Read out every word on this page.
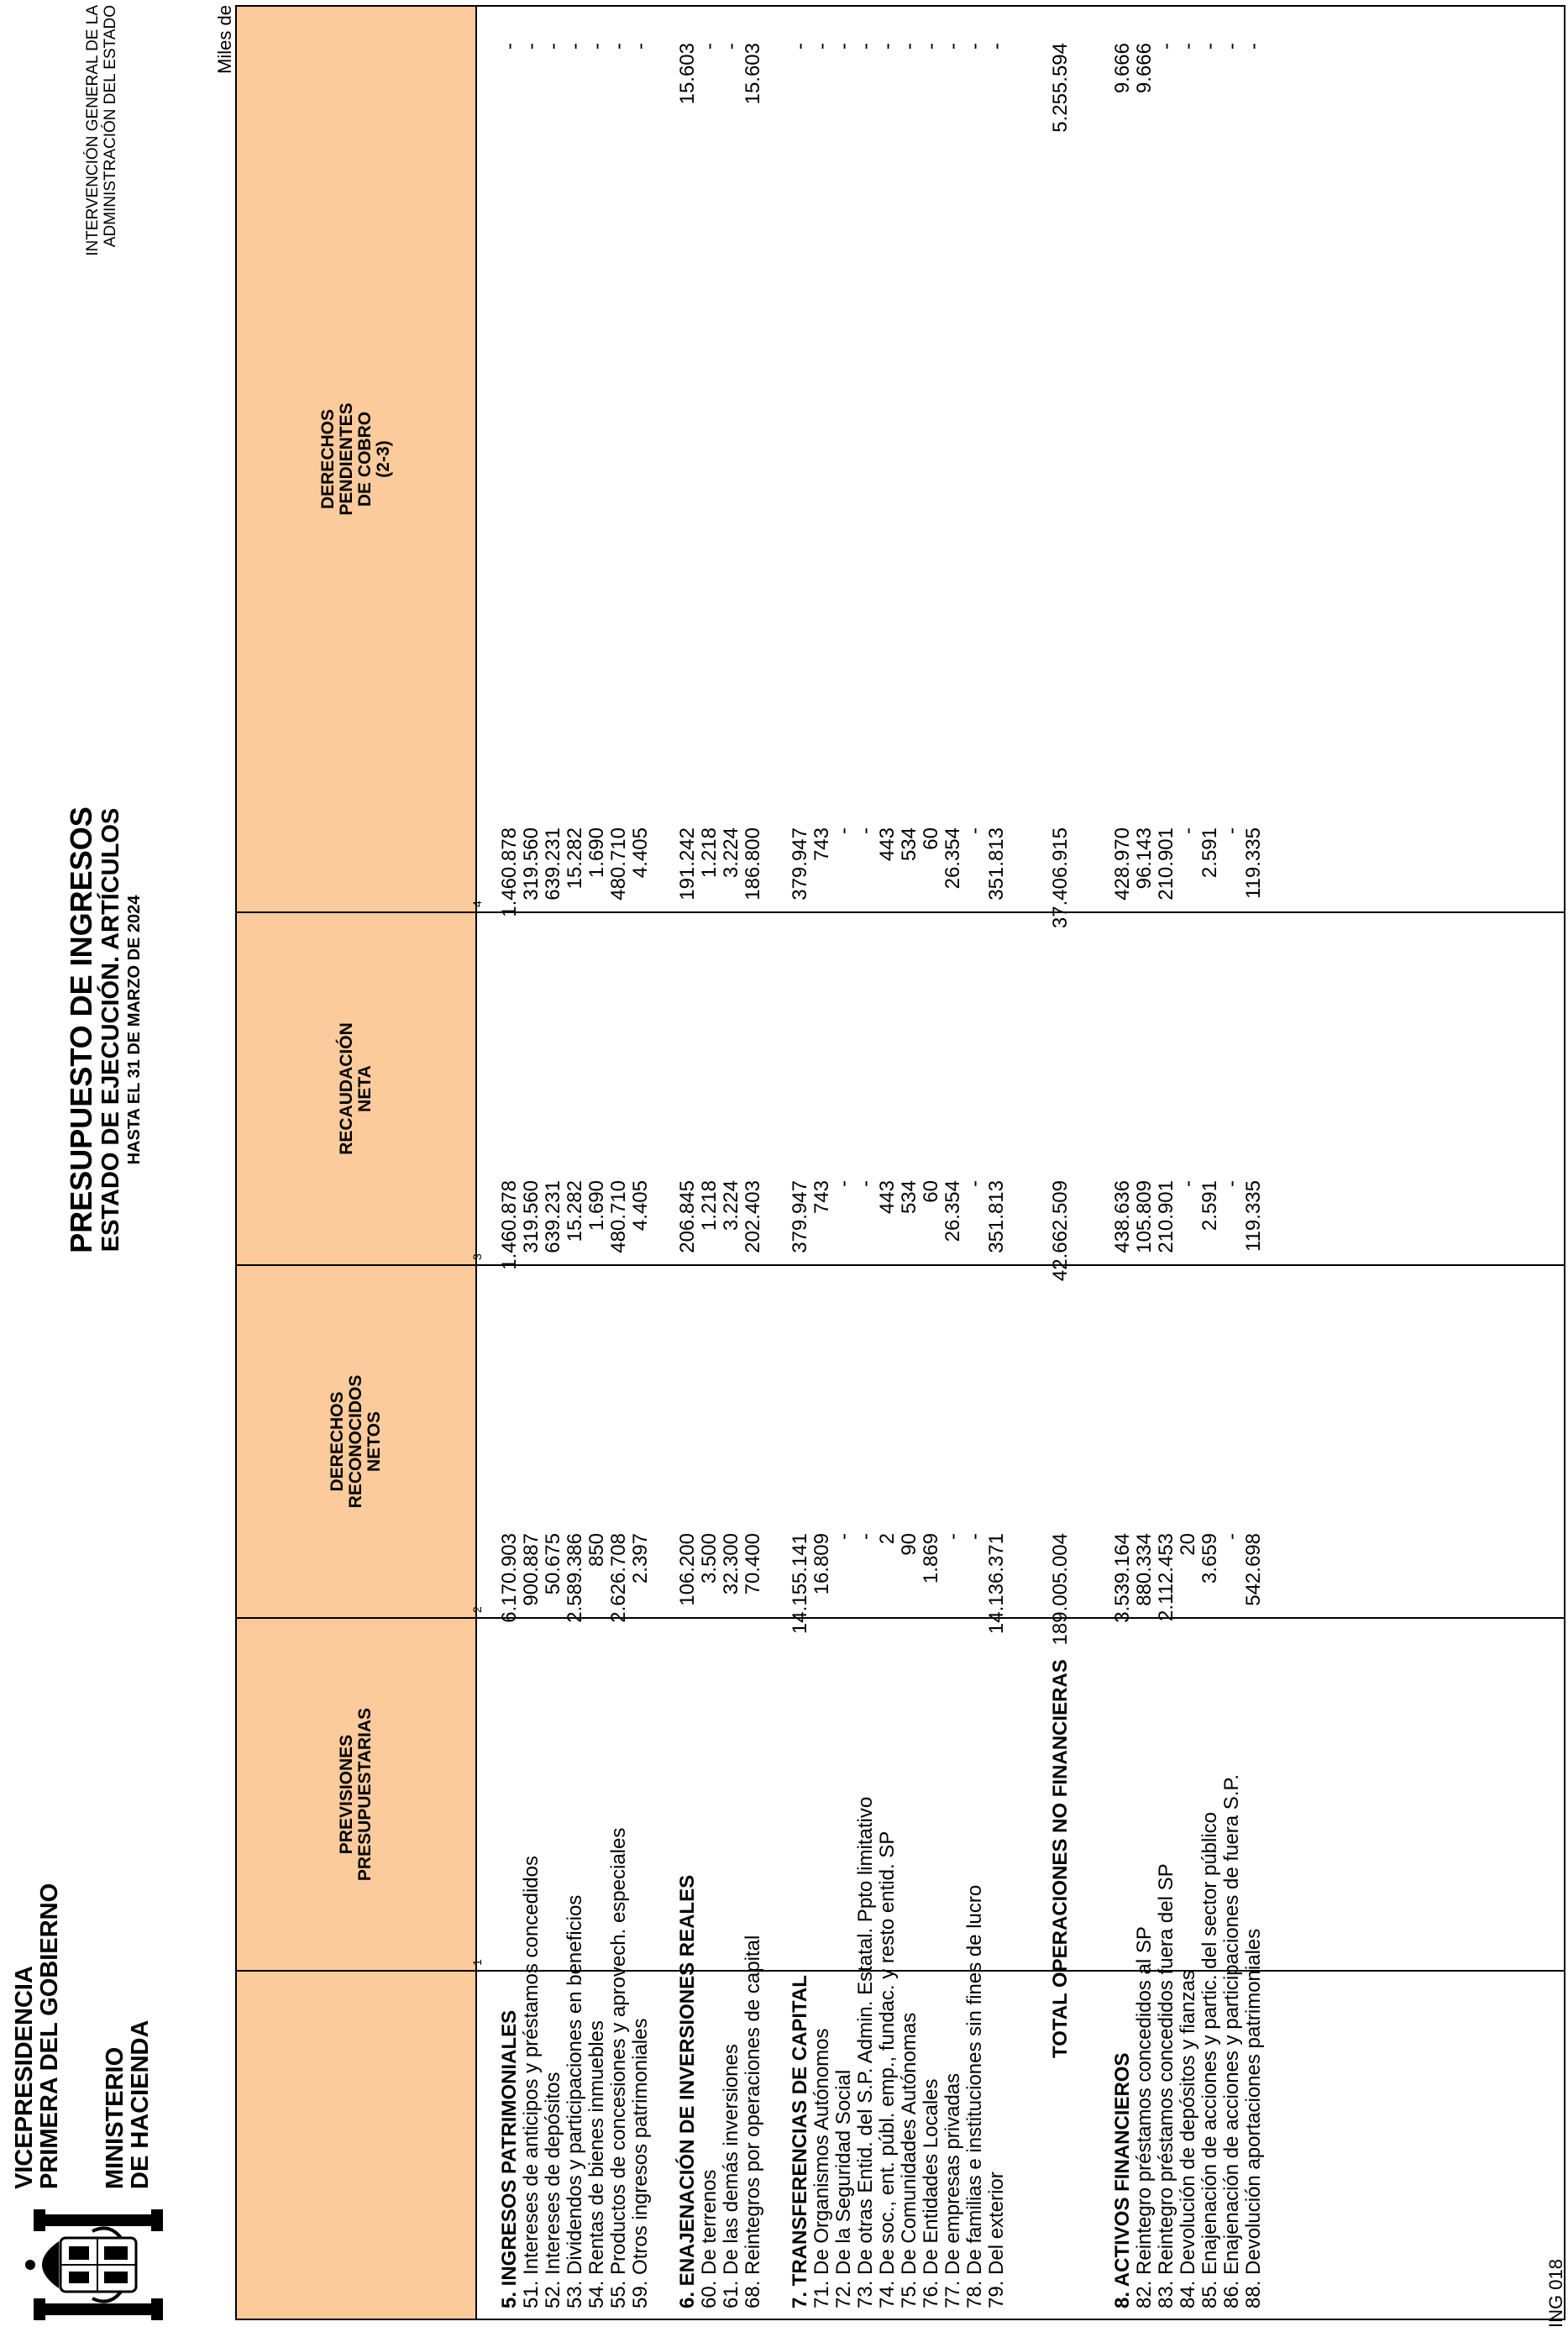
VICEPRESIDENCIA
PRIMERA DEL GOBIERNO MINISTERIO
DE HACIENDA
PRESUPUESTO DE INGRESOS ESTADO DE EJECUCIÓN. ARTÍCULOS HASTA EL 31 DE MARZO DE 2024
INTERVENCIÓN GENERAL DE LA ADMINISTRACIÓN DEL ESTADO	Miles de
PREVISIONES
PRESUPUESTARIAS
DERECHOS
RECONOCIDOS
NETOS
RECAUDACIÓN
NETA
DERECHOS
PENDIENTES
DE COBRO
(2-3)
1
2
3
4
5. INGRESOS PATRIMONIALES
6.170.903
1.460.878
1.460.878
-
51. Intereses de anticipos y préstamos concedidos
900.887
319.560
319.560
-
52. Intereses de depósitos
50.675
639.231
639.231
-
53. Dividendos y participaciones en beneficios
2.589.386
15.282
15.282
-
54. Rentas de bienes inmuebles
850
1.690
1.690
-
55. Productos de concesiones y aprovech. especiales
2.626.708
480.710
480.710
-
59. Otros ingresos patrimoniales
2.397
4.405
4.405
-
6. ENAJENACIÓN DE INVERSIONES REALES
106.200
206.845
191.242
15.603
60. De terrenos
3.500
1.218
1.218
-
61. De las demás inversiones
32.300
3.224
3.224
-
68. Reintegros por operaciones de capital
70.400
202.403
186.800
15.603
7. TRANSFERENCIAS DE CAPITAL
14.155.141
379.947
379.947
-
71. De Organismos Autónomos
16.809
743
743
-
72. De la Seguridad Social
-
-
-
-
73. De otras Entid. del S.P. Admin. Estatal. Ppto limitativo
-
-
-
-
74. De soc., ent. públ. emp., fundac. y resto entid. SP
2
443
443
-
75. De Comunidades Autónomas
90
534
534
-
76. De Entidades Locales
1.869
60
60
-
77. De empresas privadas
-
26.354
26.354
-
78. De familias e instituciones sin fines de lucro
-
-
-
-
79. Del exterior
14.136.371
351.813
351.813
-
TOTAL OPERACIONES NO FINANCIERAS
189.005.004
42.662.509
37.406.915
5.255.594
8. ACTIVOS FINANCIEROS
3.539.164
438.636
428.970
9.666
82. Reintegro préstamos concedidos al SP
880.334
105.809
96.143
9.666
83. Reintegro préstamos concedidos fuera del SP
2.112.453
210.901
210.901
-
84. Devolución de depósitos y fianzas
20
-
-
-
85. Enajenación de acciones y partic. del sector público
3.659
2.591
2.591
-
86. Enajenación de acciones y participaciones de fuera S.P.
-
-
-
-
88. Devolución aportaciones patrimoniales
542.698
119.335
119.335
-
ING 018
